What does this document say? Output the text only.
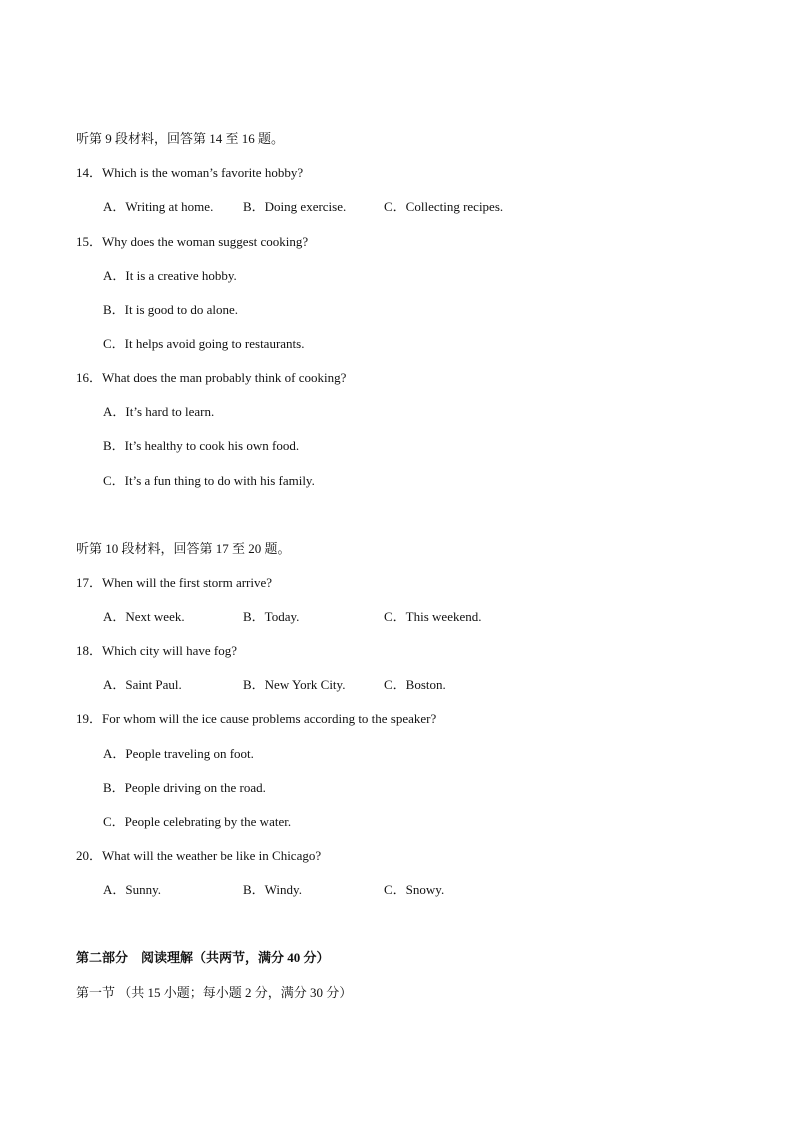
听第 9 段材料，回答第 14 至 16 题。
14．Which is the woman’s favorite hobby?
A．Writing at home. B．Doing exercise.	C．Collecting recipes.
15．Why does the woman suggest cooking?
A．It is a creative hobby.
B．It is good to do alone.
C．It helps avoid going to restaurants.
16．What does the man probably think of cooking?
A．It’s hard to learn.
B．It’s healthy to cook his own food.
C．It’s a fun thing to do with his family.
听第 10 段材料，回答第 17 至 20 题。
17．When will the first storm arrive?
A．Next week.	B．Today.	C．This weekend.
18．Which city will have fog?
A．Saint Paul.	B．New York City.	C．Boston.
19．For whom will the ice cause problems according to the speaker?
A．People traveling on foot.
B．People driving on the road.
C．People celebrating by the water.
20．What will the weather be like in Chicago?
A．Sunny.	B．Windy.	C．Snowy.
第二部分　阅读理解（共两节，满分 40 分）
第一节 （共 15 小题；每小题 2 分，满分 30 分）
